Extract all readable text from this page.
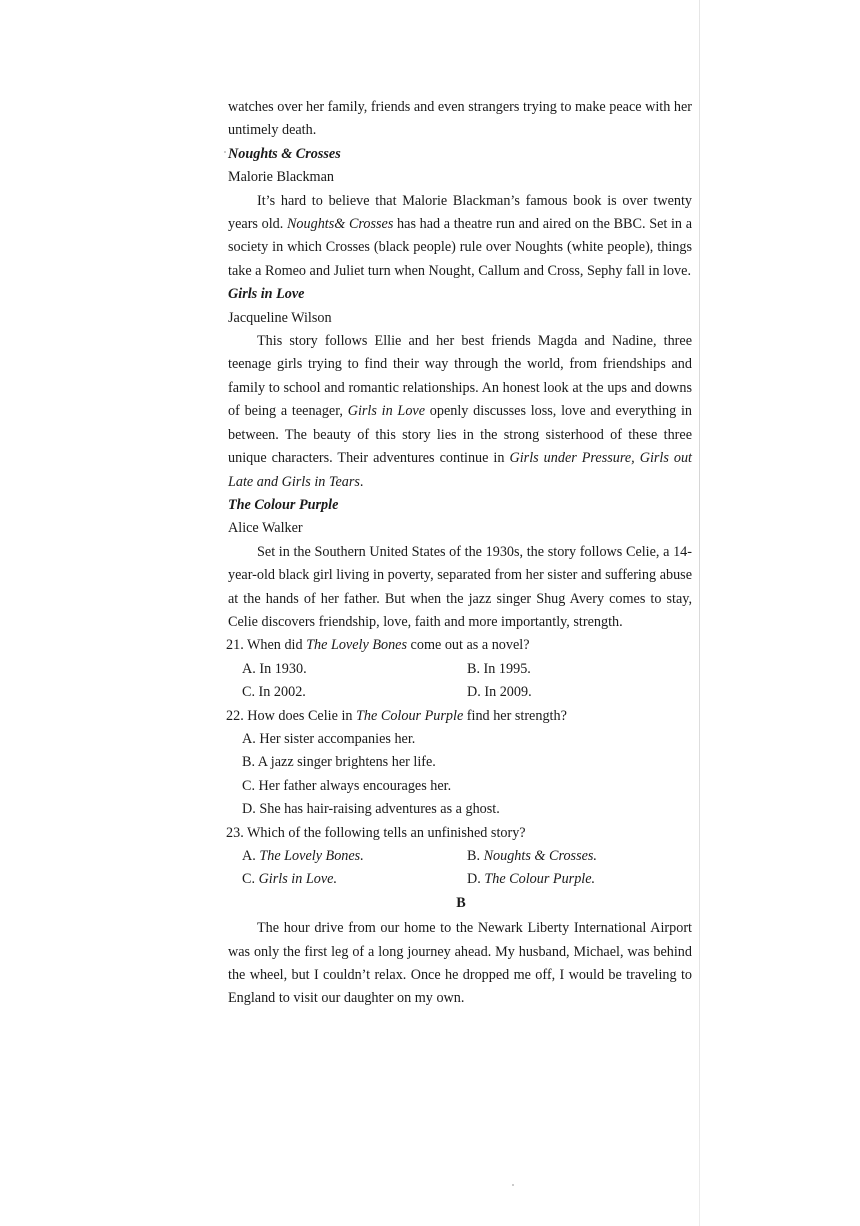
watches over her family, friends and even strangers trying to make peace with her untimely death.

Noughts & Crosses
Malorie Blackman

It’s hard to believe that Malorie Blackman’s famous book is over twenty years old. Noughts& Crosses has had a theatre run and aired on the BBC. Set in a society in which Crosses (black people) rule over Noughts (white people), things take a Romeo and Juliet turn when Nought, Callum and Cross, Sephy fall in love.

Girls in Love
Jacqueline Wilson

This story follows Ellie and her best friends Magda and Nadine, three teenage girls trying to find their way through the world, from friendships and family to school and romantic relationships. An honest look at the ups and downs of being a teenager, Girls in Love openly discusses loss, love and everything in between. The beauty of this story lies in the strong sisterhood of these three unique characters. Their adventures continue in Girls under Pressure, Girls out Late and Girls in Tears.

The Colour Purple
Alice Walker

Set in the Southern United States of the 1930s, the story follows Celie, a 14-year-old black girl living in poverty, separated from her sister and suffering abuse at the hands of her father. But when the jazz singer Shug Avery comes to stay, Celie discovers friendship, love, faith and more importantly, strength.

21. When did The Lovely Bones come out as a novel?
A. In 1930.	B. In 1995.
C. In 2002.	D. In 2009.
22. How does Celie in The Colour Purple find her strength?
A. Her sister accompanies her.
B. A jazz singer brightens her life.
C. Her father always encourages her.
D. She has hair-raising adventures as a ghost.
23. Which of the following tells an unfinished story?
A. The Lovely Bones.	B. Noughts & Crosses.
C. Girls in Love.	D. The Colour Purple.
B

The hour drive from our home to the Newark Liberty International Airport was only the first leg of a long journey ahead. My husband, Michael, was behind the wheel, but I couldn’t relax. Once he dropped me off, I would be traveling to England to visit our daughter on my own.
